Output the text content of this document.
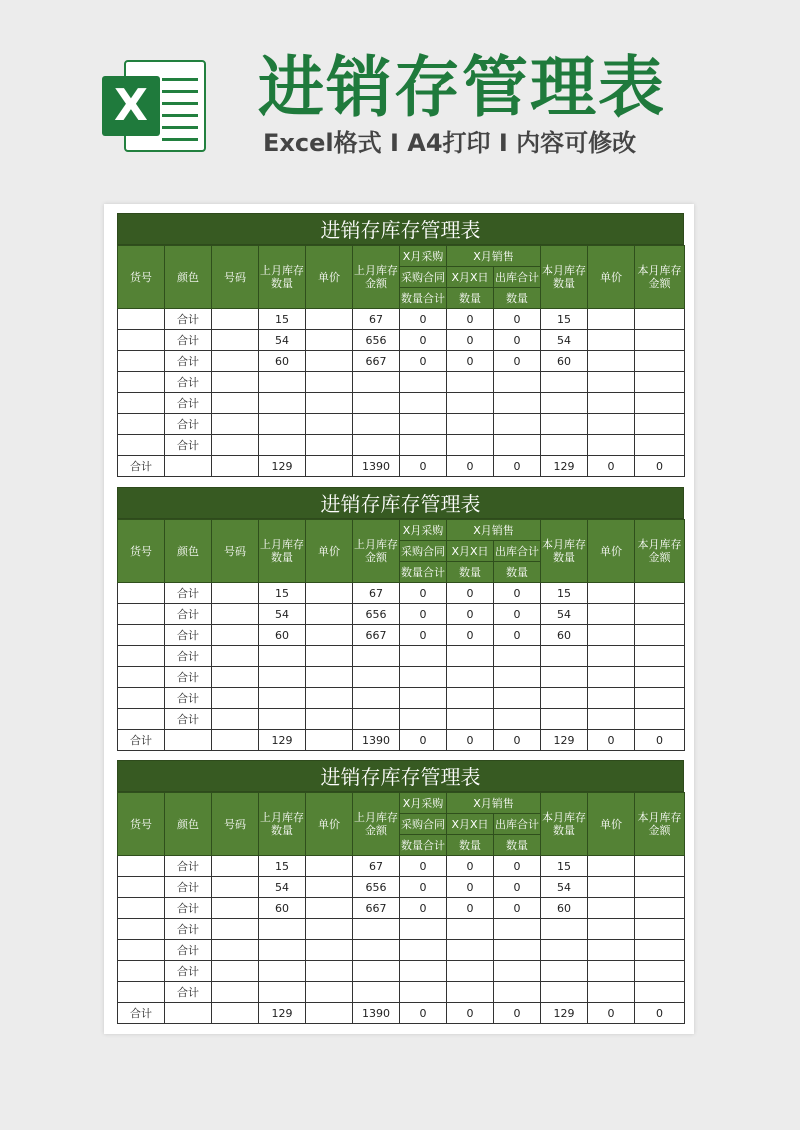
X 进销存管理表
Excel格式 I A4打印 I 内容可修改
进销存库存管理表
货号	颜色	号码	上月库存数量	单价	上月库存金额	X月采购	X月销售		本月库存数量	单价	本月库存金额
						采购合同	X月X日	出库合计			
						数量合计	数量	数量			
	合计		15		67	0	0	0	15		
	合计		54		656	0	0	0	54		
	合计		60		667	0	0	0	60		
	合计										
	合计										
	合计										
	合计										
合计			129		1390	0	0	0	129	0	0
进销存库存管理表
货号	颜色	号码	上月库存数量	单价	上月库存金额	X月采购	X月销售		本月库存数量	单价	本月库存金额
						采购合同	X月X日	出库合计			
						数量合计	数量	数量			
	合计		15		67	0	0	0	15		
	合计		54		656	0	0	0	54		
	合计		60		667	0	0	0	60		
	合计										
	合计										
	合计										
	合计										
合计			129		1390	0	0	0	129	0	0
进销存库存管理表
货号	颜色	号码	上月库存数量	单价	上月库存金额	X月采购	X月销售		本月库存数量	单价	本月库存金额
						采购合同	X月X日	出库合计			
						数量合计	数量	数量			
	合计		15		67	0	0	0	15		
	合计		54		656	0	0	0	54		
	合计		60		667	0	0	0	60		
	合计										
	合计										
	合计										
	合计										
合计			129		1390	0	0	0	129	0	0
